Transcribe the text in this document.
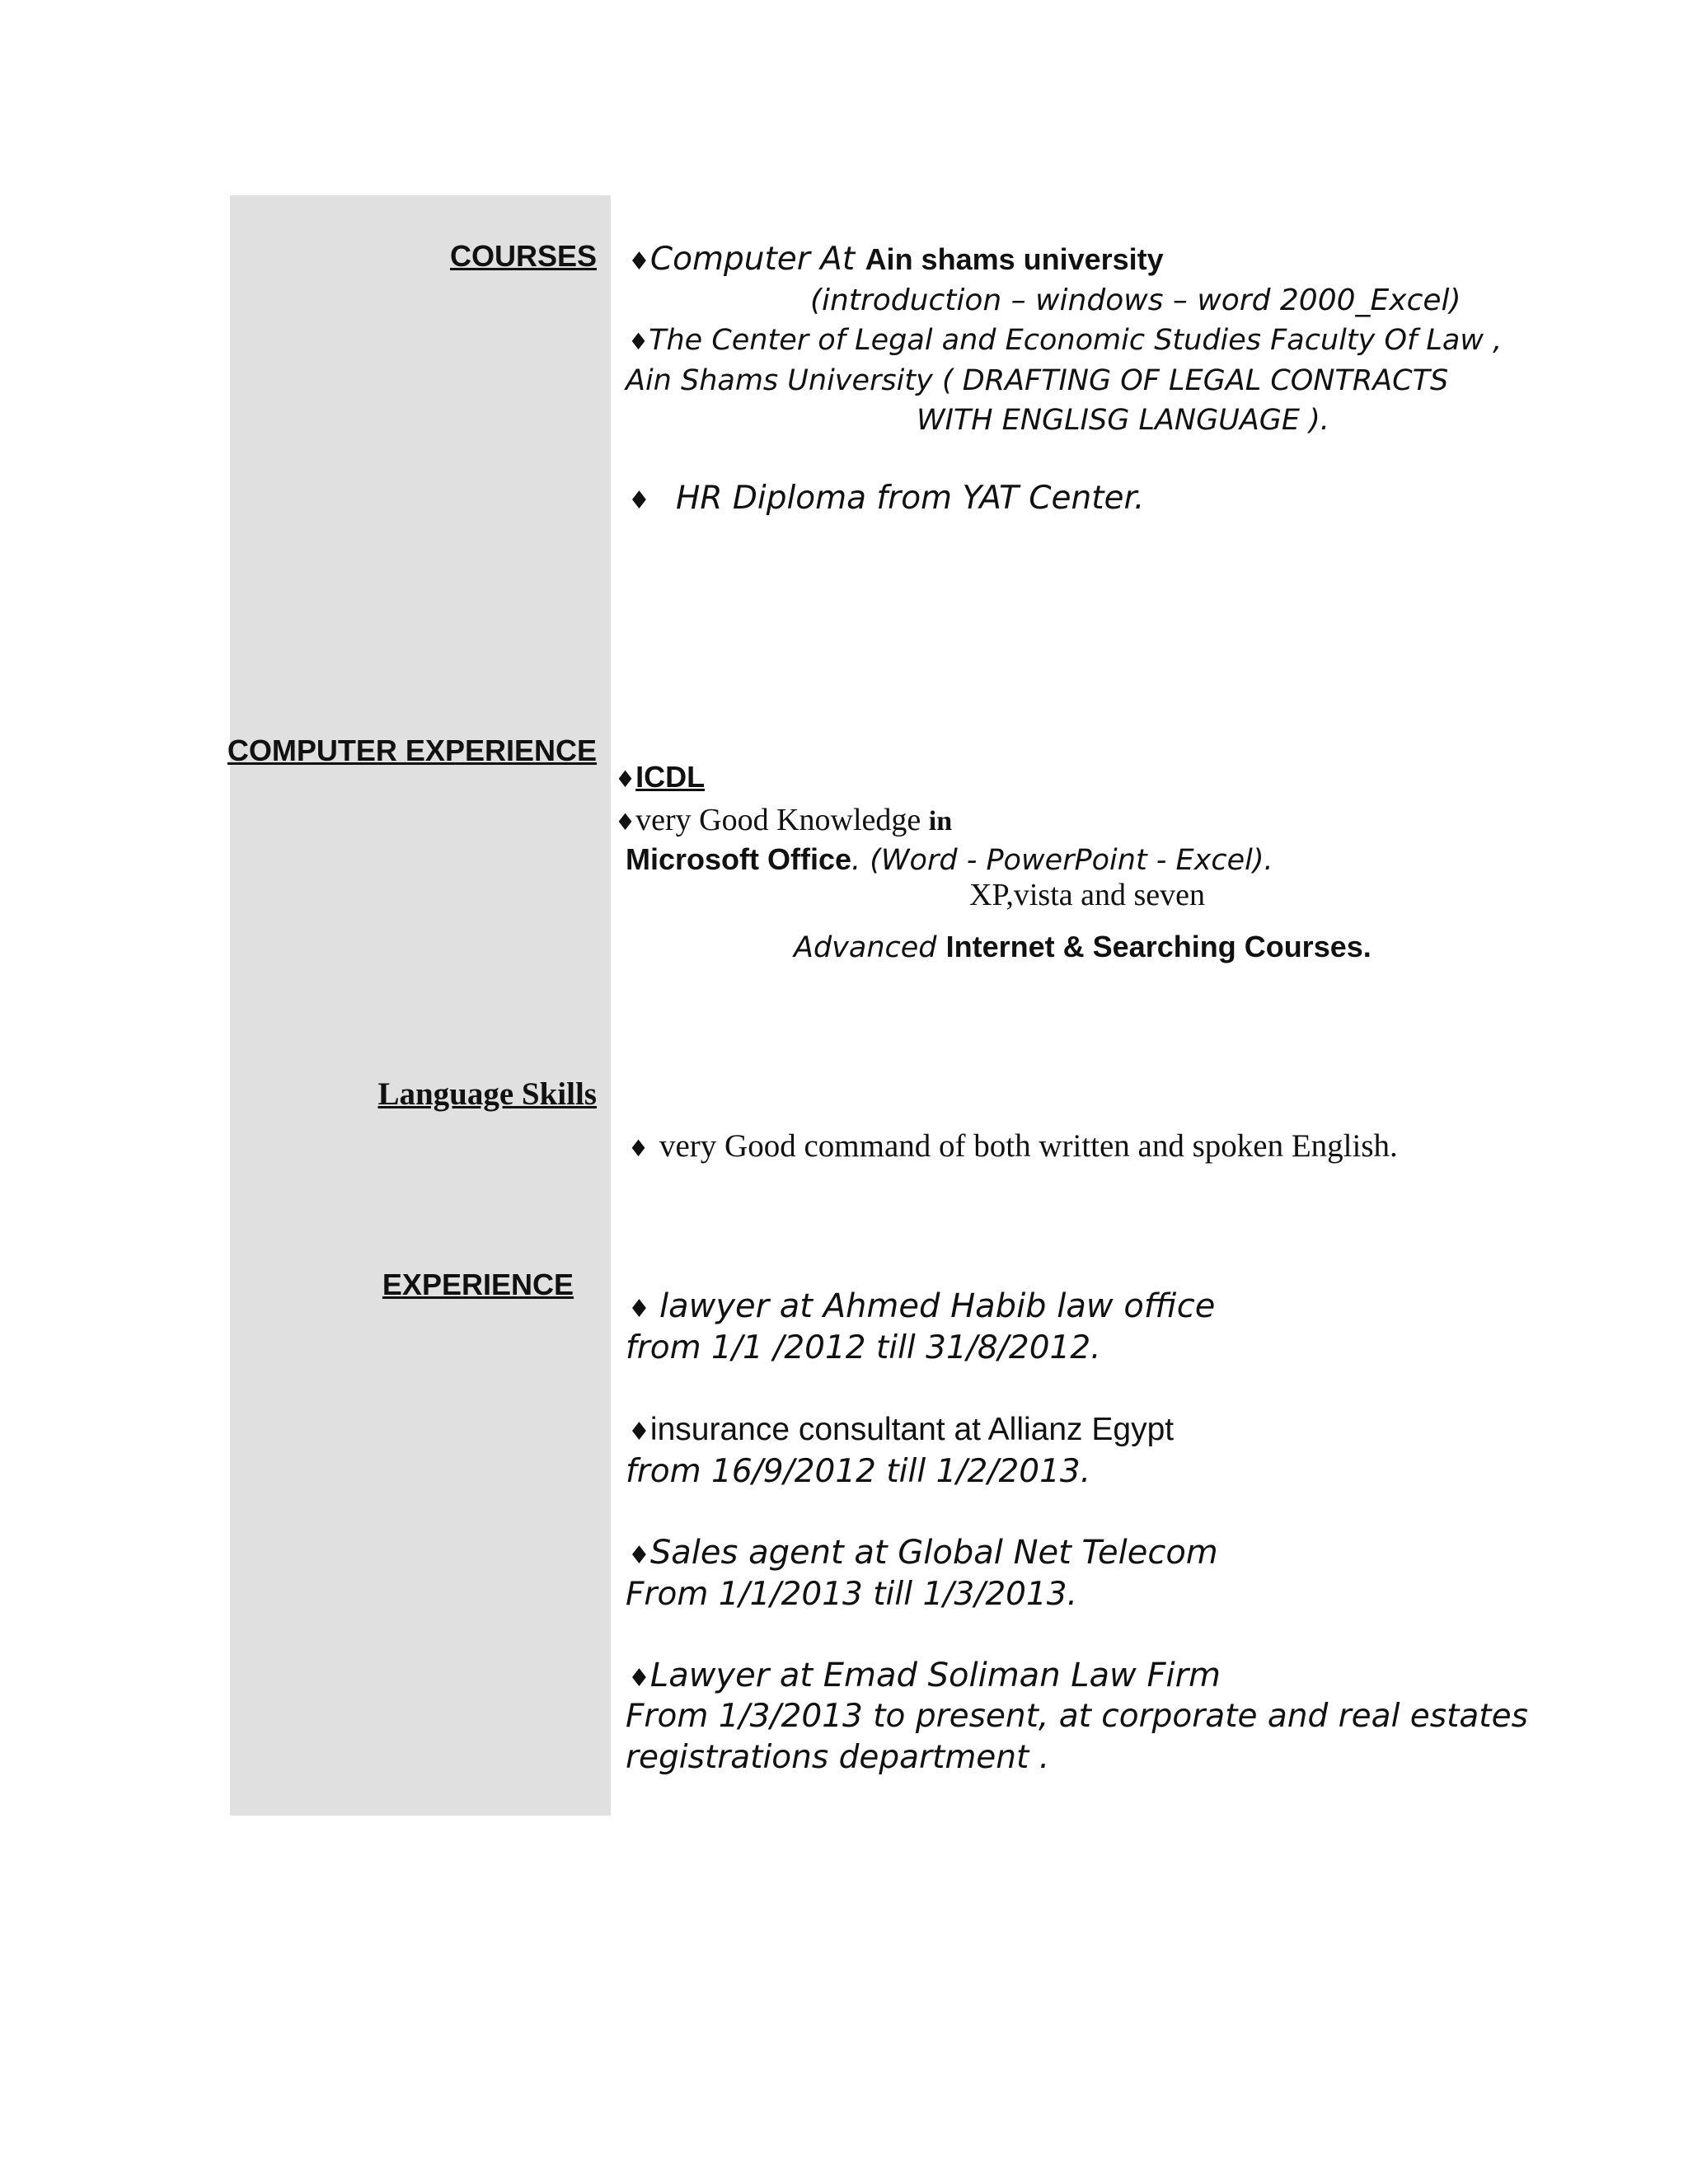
COURSES ♦Computer At Ain shams university
(introduction – windows – word 2000_Excel)
♦The Center of Legal and Economic Studies Faculty Of Law ,
Ain Shams University ( DRAFTING OF LEGAL CONTRACTS
WITH ENGLISG LANGUAGE ).
♦ HR Diploma from YAT Center.
COMPUTER EXPERIENCE
♦ICDL
♦very Good Knowledge in
Microsoft Office. (Word - PowerPoint - Excel).
XP,vista and seven
Advanced Internet & Searching Courses.
Language Skills
♦ very Good command of both written and spoken English.
EXPERIENCE
♦ lawyer at Ahmed Habib law office
from 1/1 /2012 till 31/8/2012.
♦insurance consultant at Allianz Egypt
from 16/9/2012 till 1/2/2013.
♦Sales agent at Global Net Telecom
From 1/1/2013 till 1/3/2013.
♦Lawyer at Emad Soliman Law Firm
From 1/3/2013 to present, at corporate and real estates
registrations department .
